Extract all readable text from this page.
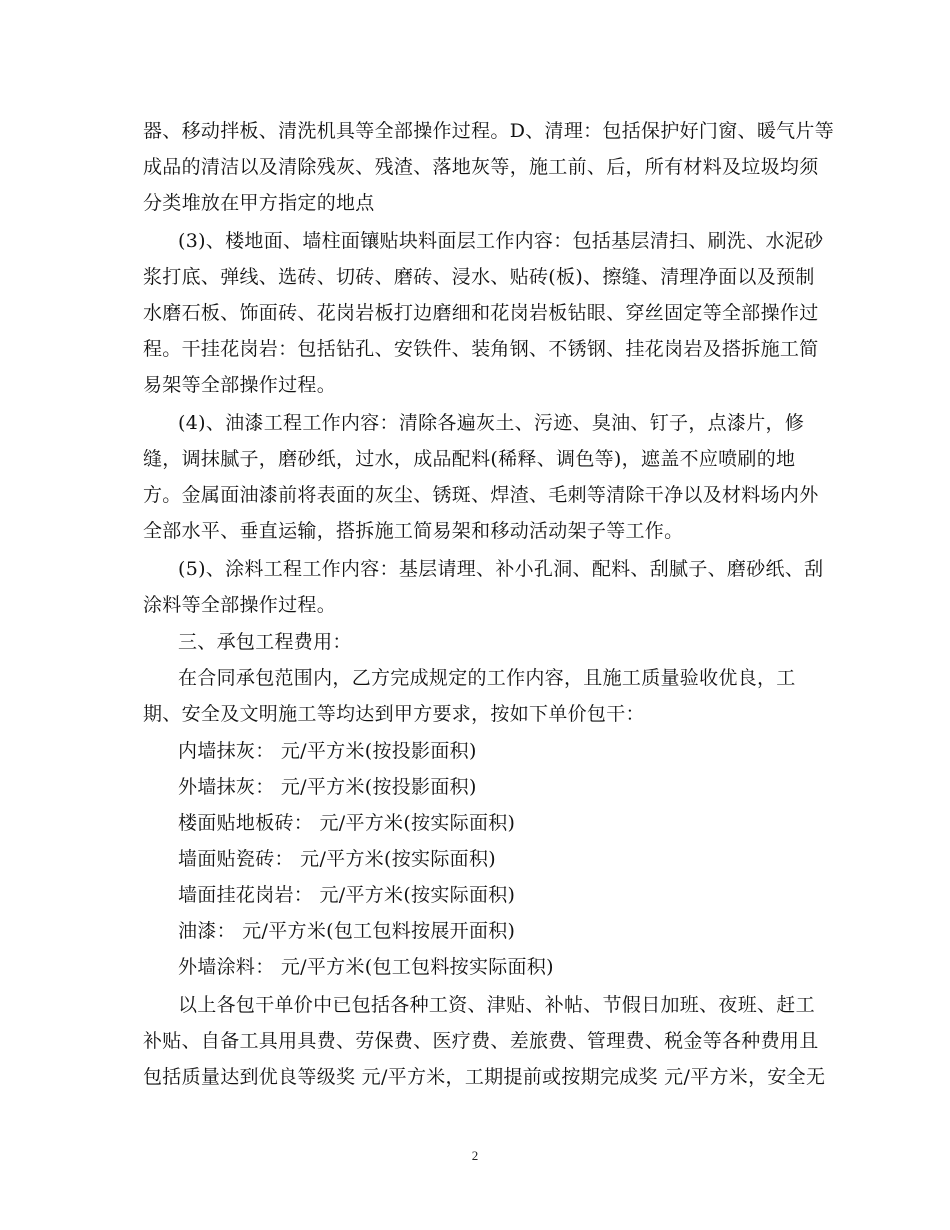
器、移动拌板、清洗机具等全部操作过程。D、清理：包括保护好门窗、暖气片等
成品的清洁以及清除残灰、残渣、落地灰等，施工前、后，所有材料及垃圾均须
分类堆放在甲方指定的地点
(3)、楼地面、墙柱面镶贴块料面层工作内容：包括基层清扫、刷洗、水泥砂
浆打底、弹线、选砖、切砖、磨砖、浸水、贴砖(板)、擦缝、清理净面以及预制
水磨石板、饰面砖、花岗岩板打边磨细和花岗岩板钻眼、穿丝固定等全部操作过
程。干挂花岗岩：包括钻孔、安铁件、装角钢、不锈钢、挂花岗岩及搭拆施工简
易架等全部操作过程。
(4)、油漆工程工作内容：清除各遍灰土、污迹、臭油、钉子，点漆片，修
缝，调抹腻子，磨砂纸，过水，成品配料(稀释、调色等)，遮盖不应喷刷的地
方。金属面油漆前将表面的灰尘、锈斑、焊渣、毛刺等清除干净以及材料场内外
全部水平、垂直运输，搭拆施工简易架和移动活动架子等工作。
(5)、涂料工程工作内容：基层请理、补小孔洞、配料、刮腻子、磨砂纸、刮
涂料等全部操作过程。
三、承包工程费用：
在合同承包范围内，乙方完成规定的工作内容，且施工质量验收优良，工
期、安全及文明施工等均达到甲方要求，按如下单价包干：
内墙抹灰： 元/平方米(按投影面积)
外墙抹灰： 元/平方米(按投影面积)
楼面贴地板砖： 元/平方米(按实际面积)
墙面贴瓷砖： 元/平方米(按实际面积)
墙面挂花岗岩： 元/平方米(按实际面积)
油漆： 元/平方米(包工包料按展开面积)
外墙涂料： 元/平方米(包工包料按实际面积)
以上各包干单价中已包括各种工资、津贴、补帖、节假日加班、夜班、赶工
补贴、自备工具用具费、劳保费、医疗费、差旅费、管理费、税金等各种费用且
包括质量达到优良等级奖 元/平方米，工期提前或按期完成奖 元/平方米，安全无
2
